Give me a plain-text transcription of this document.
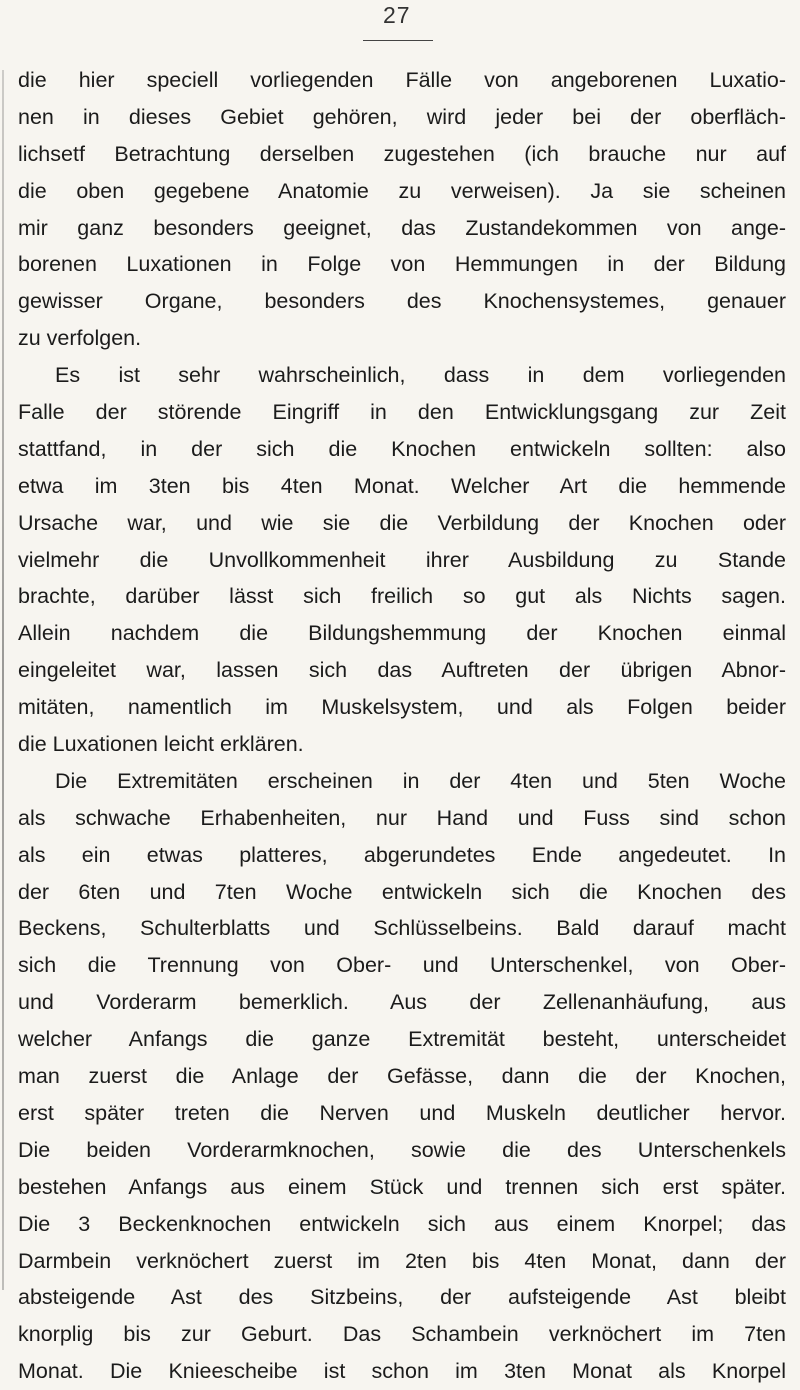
27
die hier speciell vorliegenden Fälle von angeborenen Luxatio-
nen in dieses Gebiet gehören, wird jeder bei der oberfläch-
lichsetf Betrachtung derselben zugestehen (ich brauche nur auf
die oben gegebene Anatomie zu verweisen). Ja sie scheinen
mir ganz besonders geeignet, das Zustandekommen von ange-
borenen Luxationen in Folge von Hemmungen in der Bildung
gewisser Organe, besonders des Knochensystemes, genauer
zu verfolgen.
Es ist sehr wahrscheinlich, dass in dem vorliegenden
Falle der störende Eingriff in den Entwicklungsgang zur Zeit
stattfand, in der sich die Knochen entwickeln sollten: also
etwa im 3ten bis 4ten Monat. Welcher Art die hemmende
Ursache war, und wie sie die Verbildung der Knochen oder
vielmehr die Unvollkommenheit ihrer Ausbildung zu Stande
brachte, darüber lässt sich freilich so gut als Nichts sagen.
Allein nachdem die Bildungshemmung der Knochen einmal
eingeleitet war, lassen sich das Auftreten der übrigen Abnor-
mitäten, namentlich im Muskelsystem, und als Folgen beider
die Luxationen leicht erklären.
Die Extremitäten erscheinen in der 4ten und 5ten Woche
als schwache Erhabenheiten, nur Hand und Fuss sind schon
als ein etwas platteres, abgerundetes Ende angedeutet. In
der 6ten und 7ten Woche entwickeln sich die Knochen des
Beckens, Schulterblatts und Schlüsselbeins. Bald darauf macht
sich die Trennung von Ober- und Unterschenkel, von Ober-
und Vorderarm bemerklich. Aus der Zellenanhäufung, aus
welcher Anfangs die ganze Extremität besteht, unterscheidet
man zuerst die Anlage der Gefässe, dann die der Knochen,
erst später treten die Nerven und Muskeln deutlicher hervor.
Die beiden Vorderarmknochen, sowie die des Unterschenkels
bestehen Anfangs aus einem Stück und trennen sich erst später.
Die 3 Beckenknochen entwickeln sich aus einem Knorpel; das
Darmbein verknöchert zuerst im 2ten bis 4ten Monat, dann der
absteigende Ast des Sitzbeins, der aufsteigende Ast bleibt
knorplig bis zur Geburt. Das Schambein verknöchert im 7ten
Monat. Die Knieescheibe ist schon im 3ten Monat als Knorpel
